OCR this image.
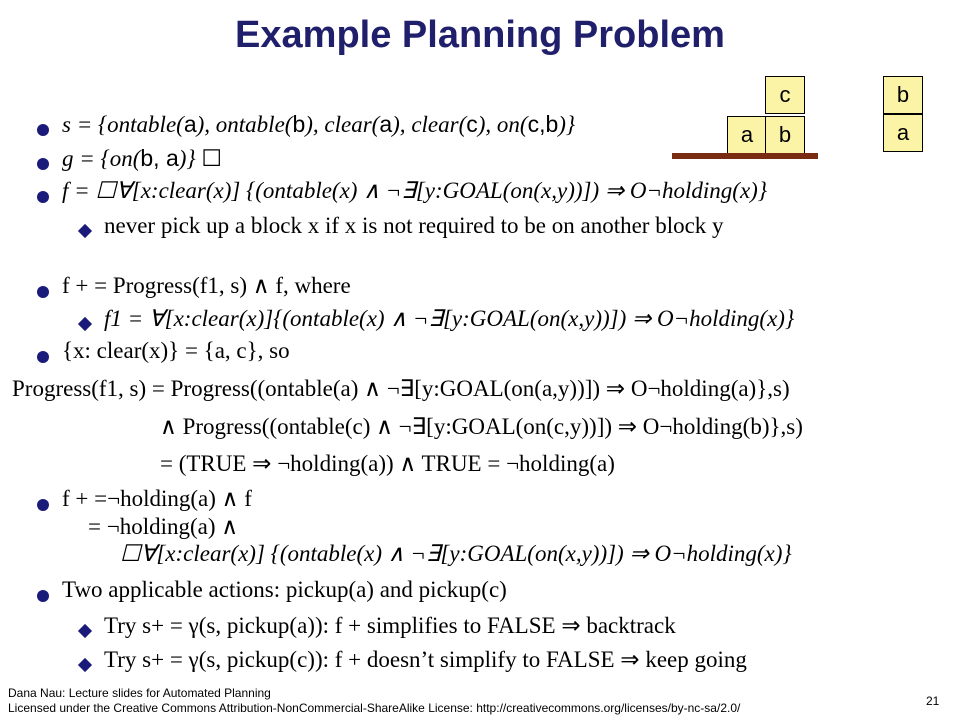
Example Planning Problem
c
a	b
b
a
s = {ontable(a), ontable(b), clear(a), clear(c), on(c,b)}
g = {on(b, a)} ☐
f = ☐∀[x:clear(x)] {(ontable(x) ∧ ¬∃[y:GOAL(on(x,y))]) ⇒ O¬holding(x)}
never pick up a block x if x is not required to be on another block y
f + = Progress(f1, s) ∧ f, where
f1 = ∀[x:clear(x)]{(ontable(x) ∧ ¬∃[y:GOAL(on(x,y))]) ⇒ O¬holding(x)}
{x: clear(x)} = {a, c}, so
Progress(f1, s) = Progress((ontable(a) ∧ ¬∃[y:GOAL(on(a,y))]) ⇒ O¬holding(a)},s)
∧ Progress((ontable(c) ∧ ¬∃[y:GOAL(on(c,y))]) ⇒ O¬holding(b)},s)
= (TRUE ⇒ ¬holding(a)) ∧ TRUE = ¬holding(a)
f + =¬holding(a) ∧ f
= ¬holding(a) ∧
☐∀[x:clear(x)] {(ontable(x) ∧ ¬∃[y:GOAL(on(x,y))]) ⇒ O¬holding(x)}
Two applicable actions: pickup(a) and pickup(c)
Try s+ = γ(s, pickup(a)): f + simplifies to FALSE ⇒ backtrack
Try s+ = γ(s, pickup(c)): f + doesn’t simplify to FALSE ⇒ keep going
Dana Nau: Lecture slides for Automated Planning
Licensed under the Creative Commons Attribution-NonCommercial-ShareAlike License: http://creativecommons.org/licenses/by-nc-sa/2.0/	21
